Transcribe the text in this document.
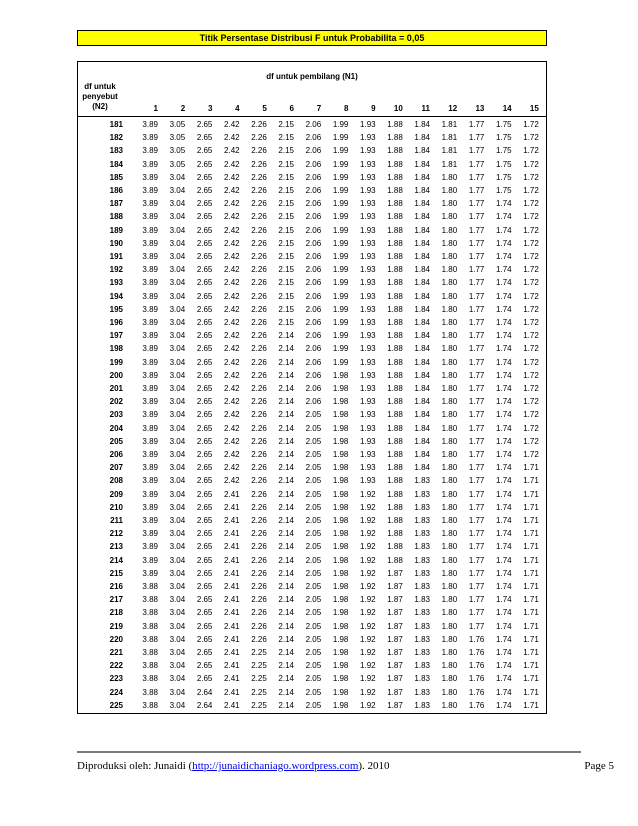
Titik Persentase Distribusi F untuk Probabilita = 0,05
df untuk pembilang (N1)
df untuk
penyebut
(N2)	1	2	3	4	5	6	7	8	9	10	11	12	13	14	15
181	3.89	3.05	2.65	2.42	2.26	2.15	2.06	1.99	1.93	1.88	1.84	1.81	1.77	1.75	1.72
182	3.89	3.05	2.65	2.42	2.26	2.15	2.06	1.99	1.93	1.88	1.84	1.81	1.77	1.75	1.72
183	3.89	3.05	2.65	2.42	2.26	2.15	2.06	1.99	1.93	1.88	1.84	1.81	1.77	1.75	1.72
184	3.89	3.05	2.65	2.42	2.26	2.15	2.06	1.99	1.93	1.88	1.84	1.81	1.77	1.75	1.72
185	3.89	3.04	2.65	2.42	2.26	2.15	2.06	1.99	1.93	1.88	1.84	1.80	1.77	1.75	1.72
186	3.89	3.04	2.65	2.42	2.26	2.15	2.06	1.99	1.93	1.88	1.84	1.80	1.77	1.75	1.72
187	3.89	3.04	2.65	2.42	2.26	2.15	2.06	1.99	1.93	1.88	1.84	1.80	1.77	1.74	1.72
188	3.89	3.04	2.65	2.42	2.26	2.15	2.06	1.99	1.93	1.88	1.84	1.80	1.77	1.74	1.72
189	3.89	3.04	2.65	2.42	2.26	2.15	2.06	1.99	1.93	1.88	1.84	1.80	1.77	1.74	1.72
190	3.89	3.04	2.65	2.42	2.26	2.15	2.06	1.99	1.93	1.88	1.84	1.80	1.77	1.74	1.72
191	3.89	3.04	2.65	2.42	2.26	2.15	2.06	1.99	1.93	1.88	1.84	1.80	1.77	1.74	1.72
192	3.89	3.04	2.65	2.42	2.26	2.15	2.06	1.99	1.93	1.88	1.84	1.80	1.77	1.74	1.72
193	3.89	3.04	2.65	2.42	2.26	2.15	2.06	1.99	1.93	1.88	1.84	1.80	1.77	1.74	1.72
194	3.89	3.04	2.65	2.42	2.26	2.15	2.06	1.99	1.93	1.88	1.84	1.80	1.77	1.74	1.72
195	3.89	3.04	2.65	2.42	2.26	2.15	2.06	1.99	1.93	1.88	1.84	1.80	1.77	1.74	1.72
196	3.89	3.04	2.65	2.42	2.26	2.15	2.06	1.99	1.93	1.88	1.84	1.80	1.77	1.74	1.72
197	3.89	3.04	2.65	2.42	2.26	2.14	2.06	1.99	1.93	1.88	1.84	1.80	1.77	1.74	1.72
198	3.89	3.04	2.65	2.42	2.26	2.14	2.06	1.99	1.93	1.88	1.84	1.80	1.77	1.74	1.72
199	3.89	3.04	2.65	2.42	2.26	2.14	2.06	1.99	1.93	1.88	1.84	1.80	1.77	1.74	1.72
200	3.89	3.04	2.65	2.42	2.26	2.14	2.06	1.98	1.93	1.88	1.84	1.80	1.77	1.74	1.72
201	3.89	3.04	2.65	2.42	2.26	2.14	2.06	1.98	1.93	1.88	1.84	1.80	1.77	1.74	1.72
202	3.89	3.04	2.65	2.42	2.26	2.14	2.06	1.98	1.93	1.88	1.84	1.80	1.77	1.74	1.72
203	3.89	3.04	2.65	2.42	2.26	2.14	2.05	1.98	1.93	1.88	1.84	1.80	1.77	1.74	1.72
204	3.89	3.04	2.65	2.42	2.26	2.14	2.05	1.98	1.93	1.88	1.84	1.80	1.77	1.74	1.72
205	3.89	3.04	2.65	2.42	2.26	2.14	2.05	1.98	1.93	1.88	1.84	1.80	1.77	1.74	1.72
206	3.89	3.04	2.65	2.42	2.26	2.14	2.05	1.98	1.93	1.88	1.84	1.80	1.77	1.74	1.72
207	3.89	3.04	2.65	2.42	2.26	2.14	2.05	1.98	1.93	1.88	1.84	1.80	1.77	1.74	1.71
208	3.89	3.04	2.65	2.42	2.26	2.14	2.05	1.98	1.93	1.88	1.83	1.80	1.77	1.74	1.71
209	3.89	3.04	2.65	2.41	2.26	2.14	2.05	1.98	1.92	1.88	1.83	1.80	1.77	1.74	1.71
210	3.89	3.04	2.65	2.41	2.26	2.14	2.05	1.98	1.92	1.88	1.83	1.80	1.77	1.74	1.71
211	3.89	3.04	2.65	2.41	2.26	2.14	2.05	1.98	1.92	1.88	1.83	1.80	1.77	1.74	1.71
212	3.89	3.04	2.65	2.41	2.26	2.14	2.05	1.98	1.92	1.88	1.83	1.80	1.77	1.74	1.71
213	3.89	3.04	2.65	2.41	2.26	2.14	2.05	1.98	1.92	1.88	1.83	1.80	1.77	1.74	1.71
214	3.89	3.04	2.65	2.41	2.26	2.14	2.05	1.98	1.92	1.88	1.83	1.80	1.77	1.74	1.71
215	3.89	3.04	2.65	2.41	2.26	2.14	2.05	1.98	1.92	1.87	1.83	1.80	1.77	1.74	1.71
216	3.88	3.04	2.65	2.41	2.26	2.14	2.05	1.98	1.92	1.87	1.83	1.80	1.77	1.74	1.71
217	3.88	3.04	2.65	2.41	2.26	2.14	2.05	1.98	1.92	1.87	1.83	1.80	1.77	1.74	1.71
218	3.88	3.04	2.65	2.41	2.26	2.14	2.05	1.98	1.92	1.87	1.83	1.80	1.77	1.74	1.71
219	3.88	3.04	2.65	2.41	2.26	2.14	2.05	1.98	1.92	1.87	1.83	1.80	1.77	1.74	1.71
220	3.88	3.04	2.65	2.41	2.26	2.14	2.05	1.98	1.92	1.87	1.83	1.80	1.76	1.74	1.71
221	3.88	3.04	2.65	2.41	2.25	2.14	2.05	1.98	1.92	1.87	1.83	1.80	1.76	1.74	1.71
222	3.88	3.04	2.65	2.41	2.25	2.14	2.05	1.98	1.92	1.87	1.83	1.80	1.76	1.74	1.71
223	3.88	3.04	2.65	2.41	2.25	2.14	2.05	1.98	1.92	1.87	1.83	1.80	1.76	1.74	1.71
224	3.88	3.04	2.64	2.41	2.25	2.14	2.05	1.98	1.92	1.87	1.83	1.80	1.76	1.74	1.71
225	3.88	3.04	2.64	2.41	2.25	2.14	2.05	1.98	1.92	1.87	1.83	1.80	1.76	1.74	1.71
Diproduksi oleh: Junaidi (http://junaidichaniago.wordpress.com). 2010	Page 5
